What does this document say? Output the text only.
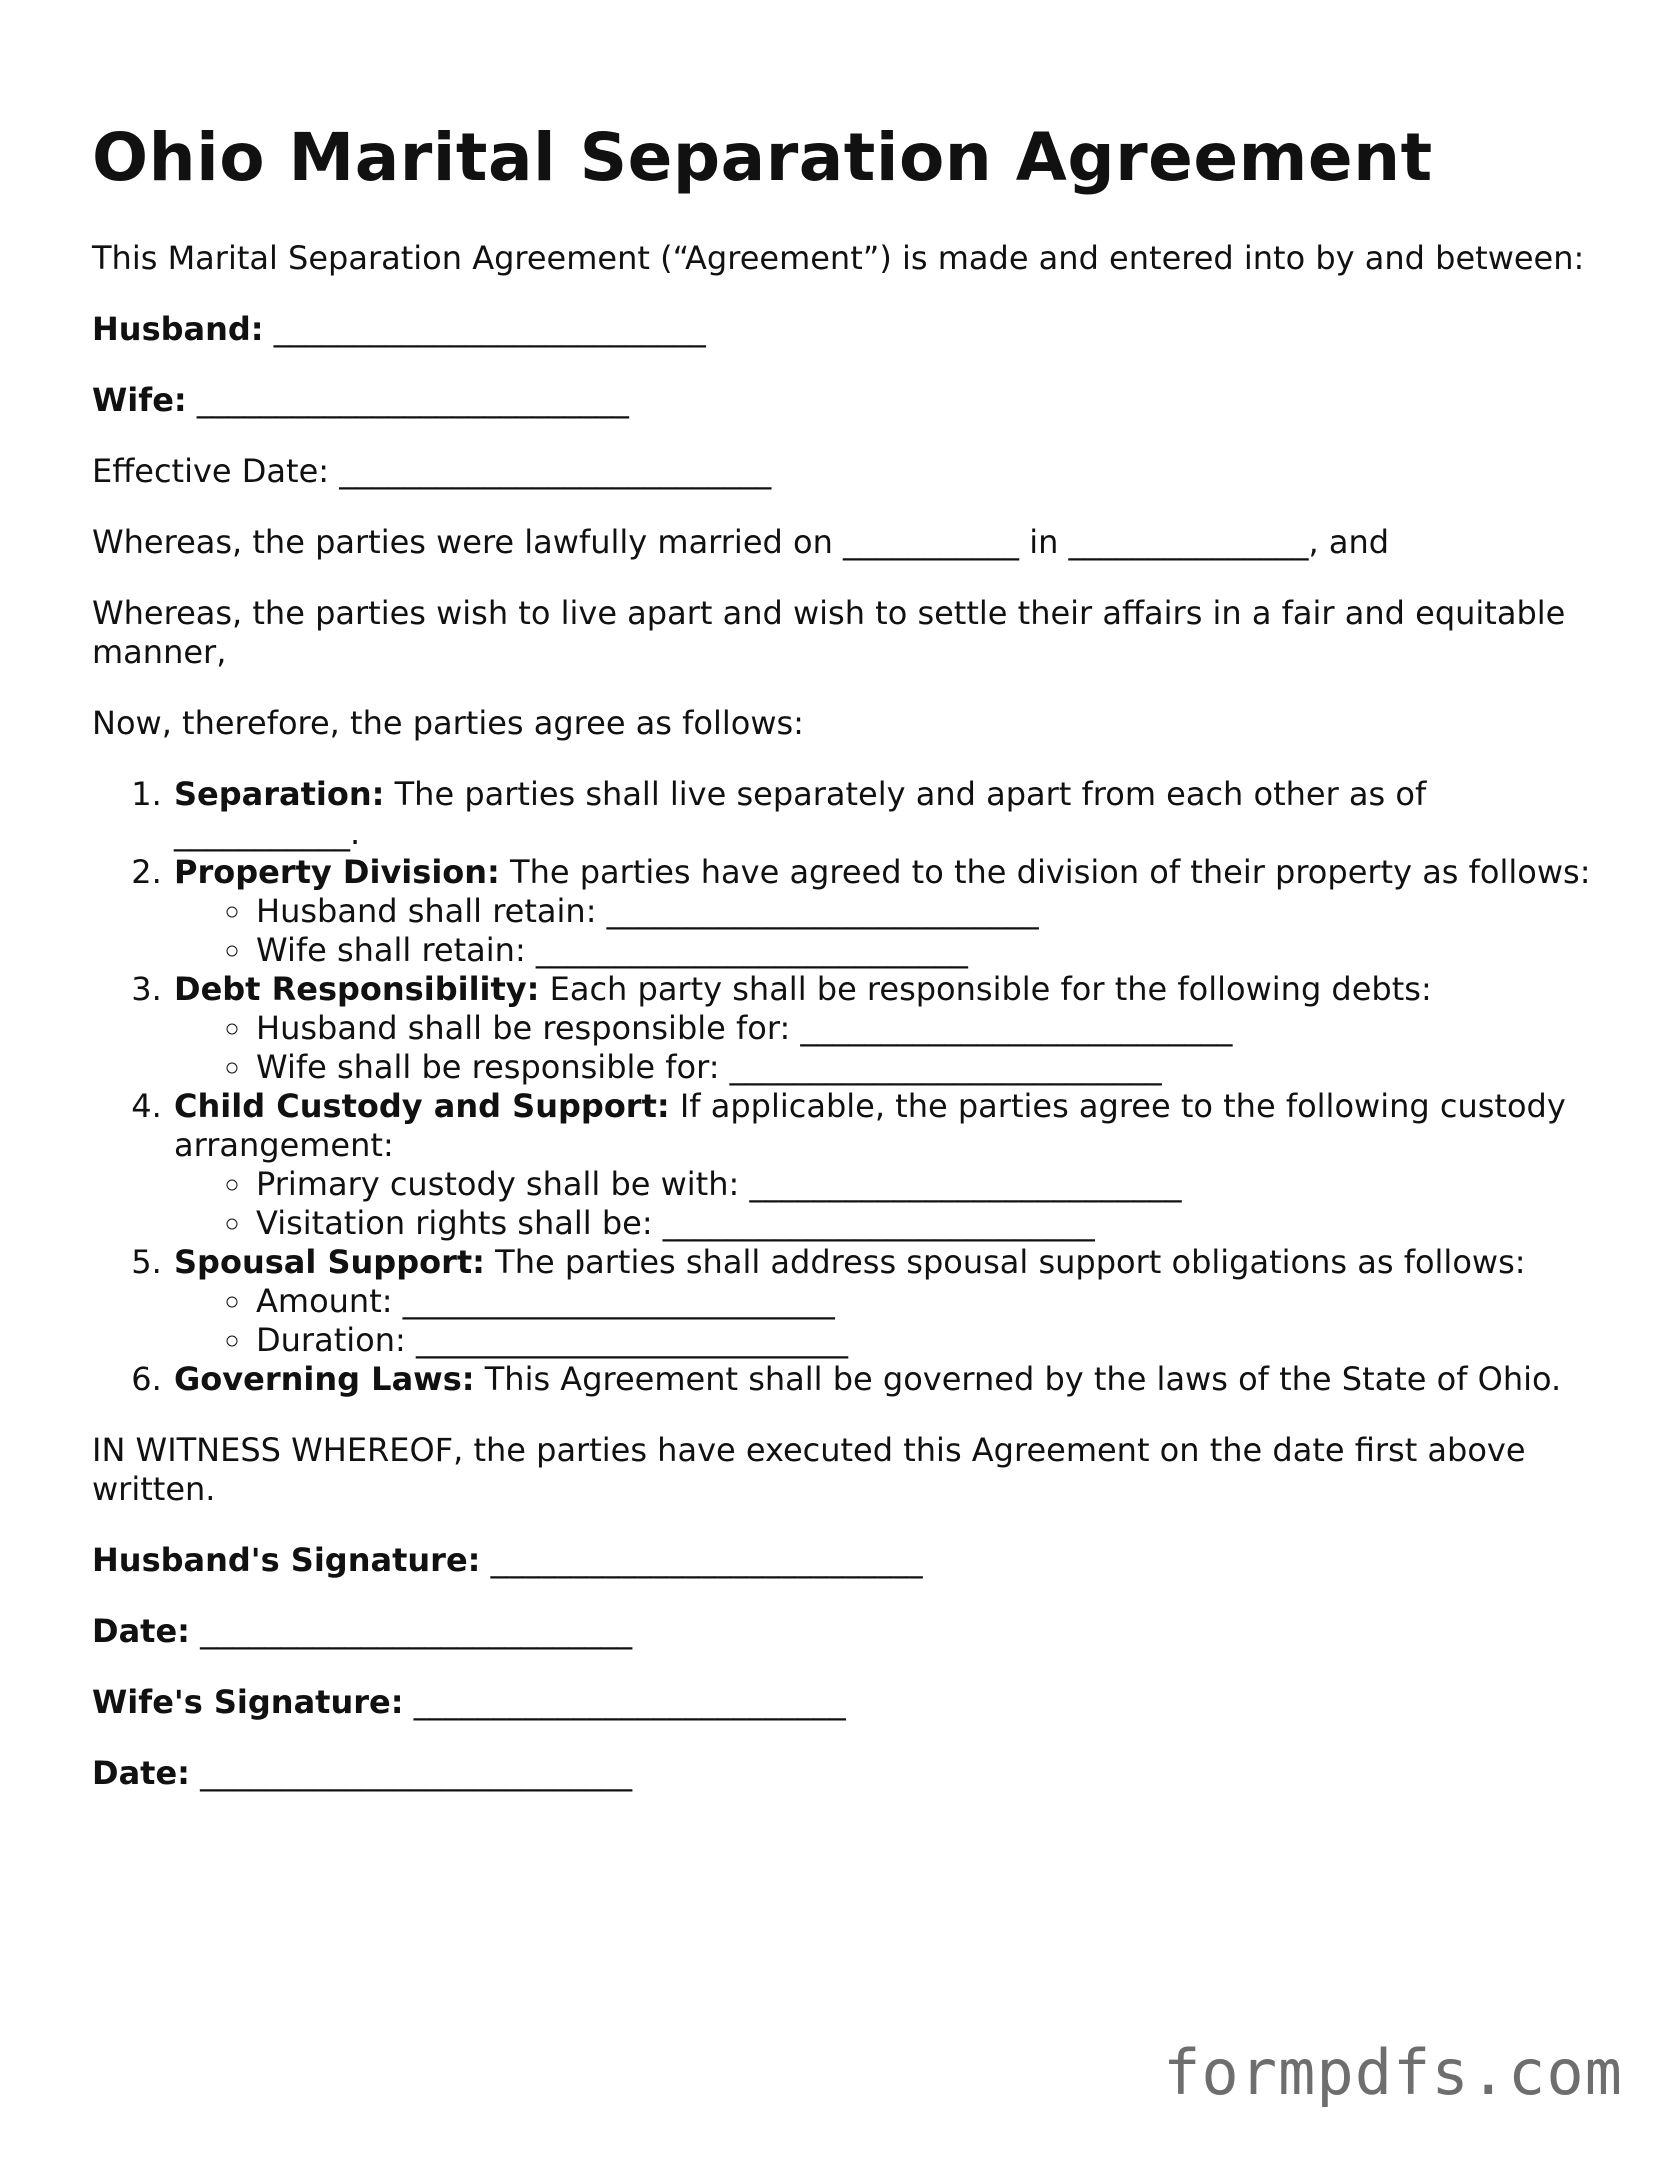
Ohio Marital Separation Agreement

This Marital Separation Agreement (“Agreement”) is made and entered into by and between:

Husband: ___________________________

Wife: ___________________________

Effective Date: ___________________________

Whereas, the parties were lawfully married on ___________ in _______________, and

Whereas, the parties wish to live apart and wish to settle their affairs in a fair and equitable manner,

Now, therefore, the parties agree as follows:

1. Separation: The parties shall live separately and apart from each other as of ___________.
2. Property Division: The parties have agreed to the division of their property as follows:
◦ Husband shall retain: ___________________________
◦ Wife shall retain: ___________________________
3. Debt Responsibility: Each party shall be responsible for the following debts:
◦ Husband shall be responsible for: ___________________________
◦ Wife shall be responsible for: ___________________________
4. Child Custody and Support: If applicable, the parties agree to the following custody arrangement:
◦ Primary custody shall be with: ___________________________
◦ Visitation rights shall be: ___________________________
5. Spousal Support: The parties shall address spousal support obligations as follows:
◦ Amount: ___________________________
◦ Duration: ___________________________
6. Governing Laws: This Agreement shall be governed by the laws of the State of Ohio.

IN WITNESS WHEREOF, the parties have executed this Agreement on the date first above written.

Husband's Signature: ___________________________

Date: ___________________________

Wife's Signature: ___________________________

Date: ___________________________

formpdfs.com
